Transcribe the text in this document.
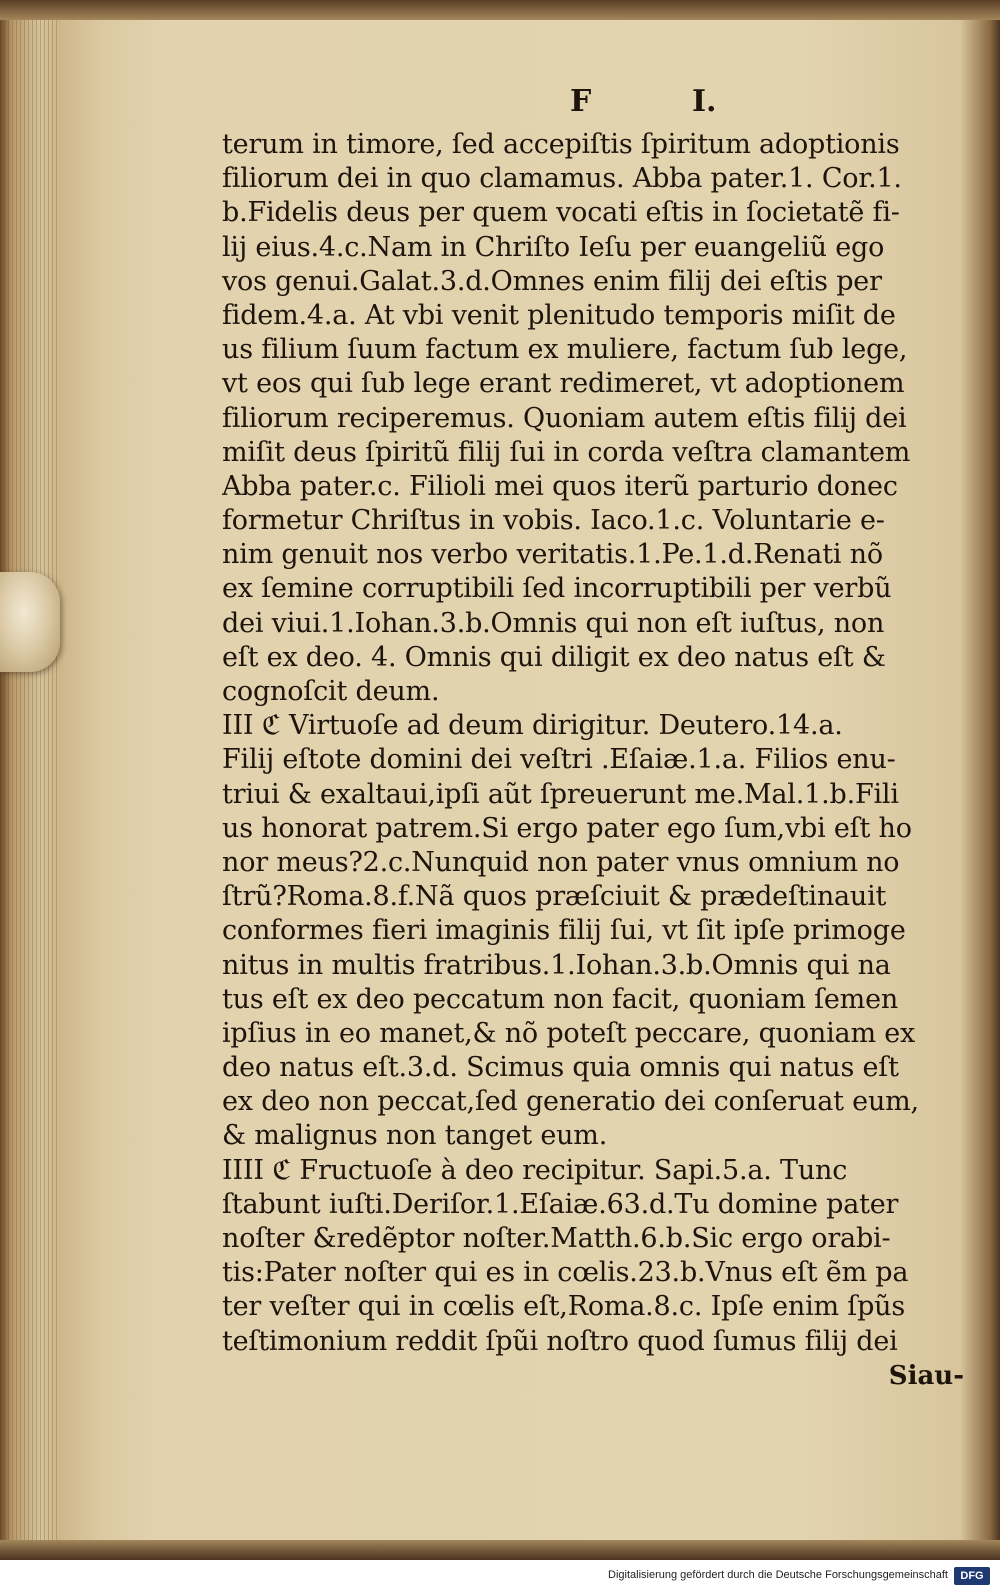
F	I.
terum in timore, ſed accepiſtis ſpiritum adoptionis
filiorum dei in quo clamamus. Abba pater.1. Cor.1.
b.Fidelis deus per quem vocati eſtis in ſocietatẽ fi-
lij eius.4.c.Nam in Chriſto Ieſu per euangeliũ ego
vos genui.Galat.3.d.Omnes enim filij dei eſtis per
fidem.4.a. At vbi venit plenitudo temporis miſit de
us filium ſuum factum ex muliere, factum ſub lege,
vt eos qui ſub lege erant redimeret, vt adoptionem
filiorum reciperemus. Quoniam autem eſtis filij dei
miſit deus ſpiritũ filij ſui in corda veſtra clamantem
Abba pater.c. Filioli mei quos iterũ parturio donec
formetur Chriſtus in vobis. Iaco.1.c. Voluntarie e-
nim genuit nos verbo veritatis.1.Pe.1.d.Renati nõ
ex ſemine corruptibili ſed incorruptibili per verbũ
dei viui.1.Iohan.3.b.Omnis qui non eſt iuſtus, non
eſt ex deo. 4. Omnis qui diligit ex deo natus eſt &
cognoſcit deum.
III ℭ Virtuoſe ad deum dirigitur. Deutero.14.a.
Filij eſtote domini dei veſtri .Eſaiæ.1.a. Filios enu-
triui & exaltaui,ipſi aũt ſpreuerunt me.Mal.1.b.Fili
us honorat patrem.Si ergo pater ego ſum,vbi eſt ho
nor meus?2.c.Nunquid non pater vnus omnium no
ſtrũ?Roma.8.f.Nã quos præſciuit & prædeſtinauit
conformes fieri imaginis filij ſui, vt ſit ipſe primoge
nitus in multis fratribus.1.Iohan.3.b.Omnis qui na
tus eſt ex deo peccatum non facit, quoniam ſemen
ipſius in eo manet,& nõ poteſt peccare, quoniam ex
deo natus eſt.3.d. Scimus quia omnis qui natus eſt
ex deo non peccat,ſed generatio dei conſeruat eum,
& malignus non tanget eum.
IIII ℭ Fructuoſe à deo recipitur. Sapi.5.a. Tunc
ſtabunt iuſti.Deriſor.1.Eſaiæ.63.d.Tu domine pater
noſter &redẽptor noſter.Matth.6.b.Sic ergo orabi-
tis:Pater noſter qui es in cœlis.23.b.Vnus eſt ẽm pa
ter veſter qui in cœlis eſt,Roma.8.c. Ipſe enim ſpũs
teſtimonium reddit ſpũi noſtro quod ſumus filij dei
Siau-
Digitalisierung gefördert durch die Deutsche Forschungsgemeinschaft	DFG
